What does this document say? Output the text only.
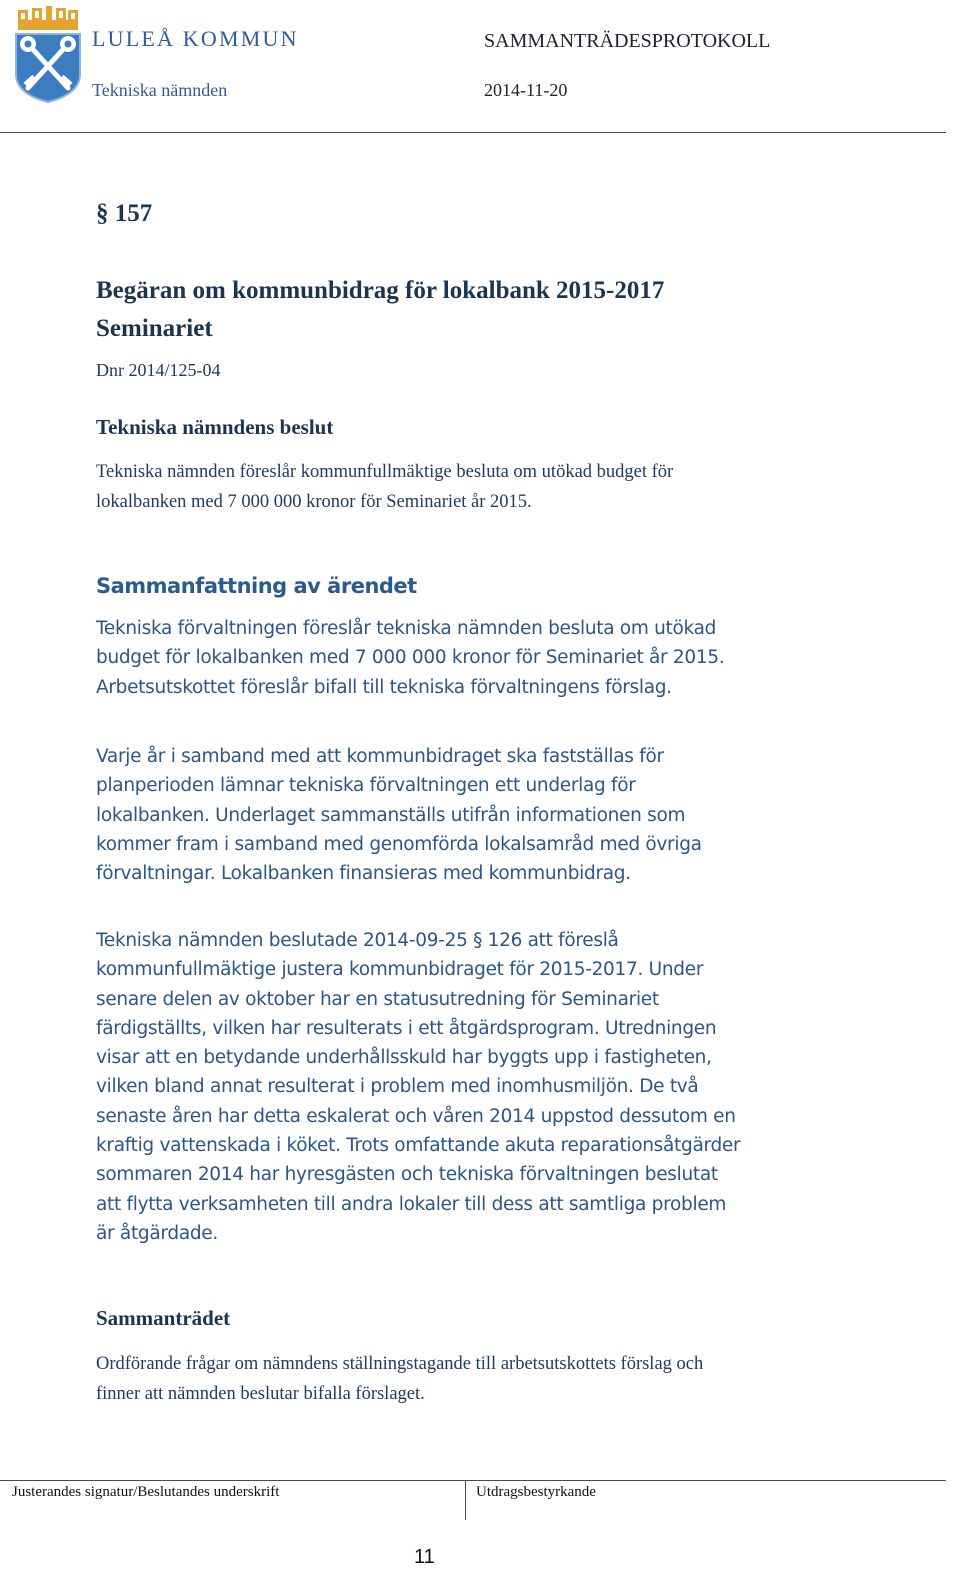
LULEÅ KOMMUN
Tekniska nämnden
SAMMANTRÄDESPROTOKOLL
2014-11-20
§ 157
Begäran om kommunbidrag för lokalbank 2015-2017 Seminariet
Dnr 2014/125-04
Tekniska nämndens beslut
Tekniska nämnden föreslår kommunfullmäktige besluta om utökad budget för lokalbanken med 7 000 000 kronor för Seminariet år 2015.
Sammanfattning av ärendet
Tekniska förvaltningen föreslår tekniska nämnden besluta om utökad budget för lokalbanken med 7 000 000 kronor för Seminariet år 2015. Arbetsutskottet föreslår bifall till tekniska förvaltningens förslag.
Varje år i samband med att kommunbidraget ska fastställas för planperioden lämnar tekniska förvaltningen ett underlag för lokalbanken. Underlaget sammanställs utifrån informationen som kommer fram i samband med genomförda lokalsamråd med övriga förvaltningar. Lokalbanken finansieras med kommunbidrag.
Tekniska nämnden beslutade 2014-09-25 § 126 att föreslå kommunfullmäktige justera kommunbidraget för 2015-2017. Under senare delen av oktober har en statusutredning för Seminariet färdigställts, vilken har resulterats i ett åtgärdsprogram. Utredningen visar att en betydande underhållsskuld har byggts upp i fastigheten, vilken bland annat resulterat i problem med inomhusmiljön. De två senaste åren har detta eskalerat och våren 2014 uppstod dessutom en kraftig vattenskada i köket. Trots omfattande akuta reparationsåtgärder sommaren 2014 har hyresgästen och tekniska förvaltningen beslutat att flytta verksamheten till andra lokaler till dess att samtliga problem är åtgärdade.
Sammanträdet
Ordförande frågar om nämndens ställningstagande till arbetsutskottets förslag och finner att nämnden beslutar bifalla förslaget.
Justerandes signatur/Beslutandes underskrift	Utdragsbestyrkande
11
